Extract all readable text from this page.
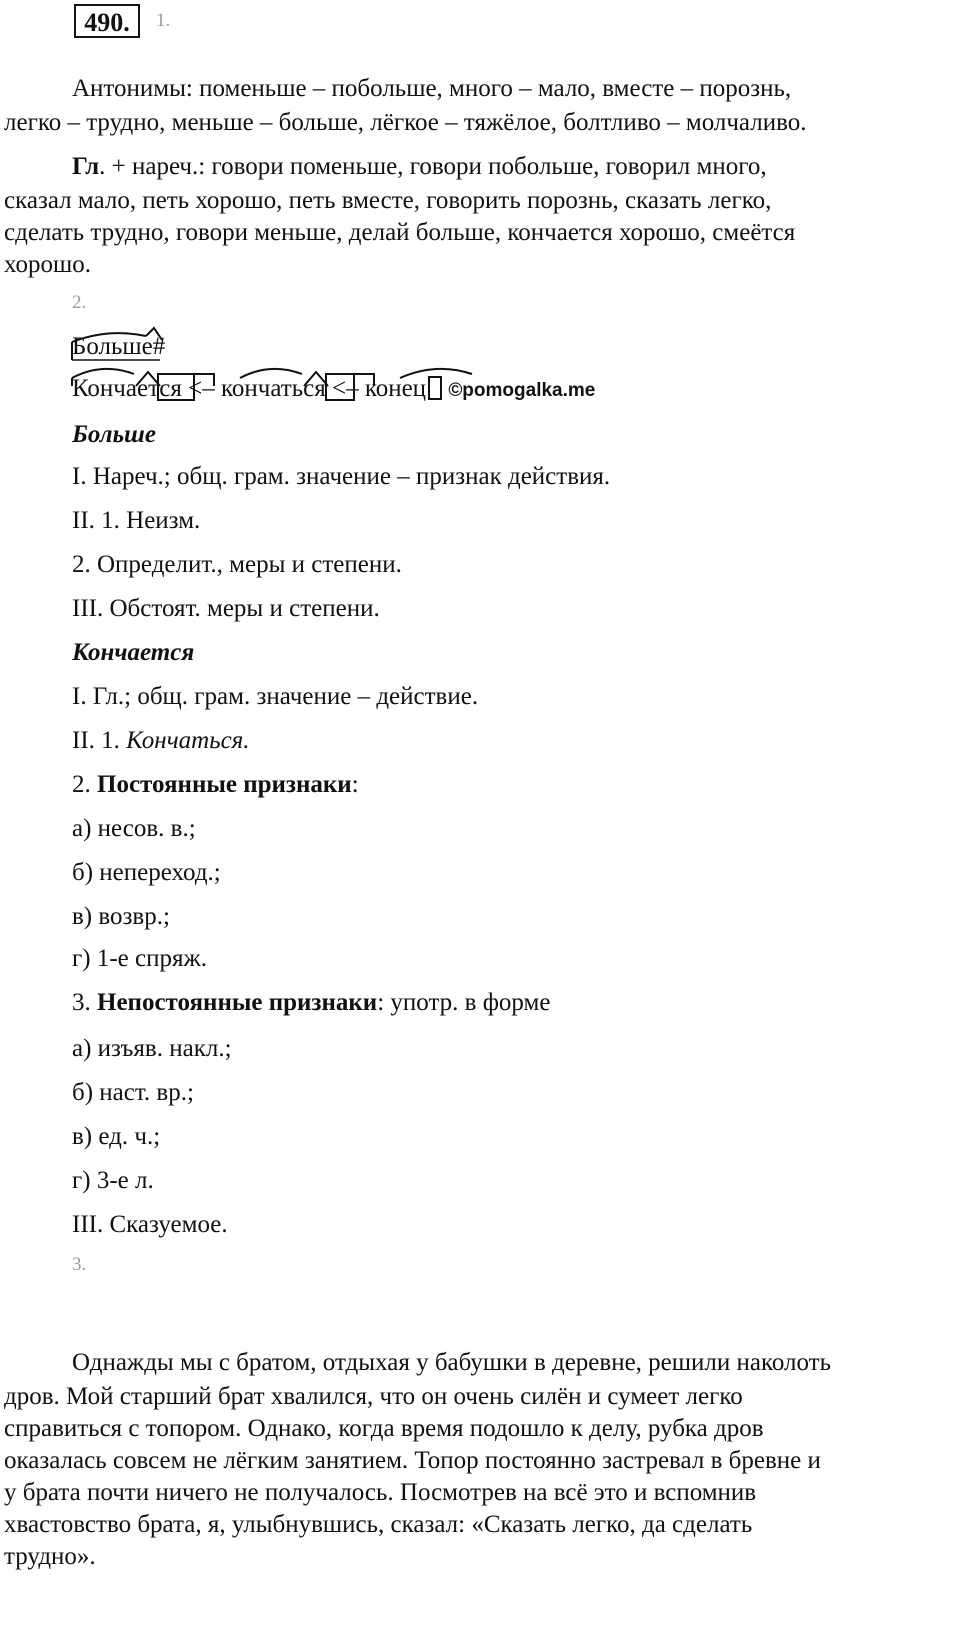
490.	1.
Антонимы: поменьше – побольше, много – мало, вместе – порознь,
легко – трудно, меньше – больше, лёгкое – тяжёлое, болтливо – молчаливо.
Гл. + нареч.: говори поменьше, говори побольше, говорил много,
сказал мало, петь хорошо, петь вместе, говорить порознь, сказать легко,
сделать трудно, говори меньше, делай больше, кончается хорошо, смеётся
хорошо.
2.
Больше#
Кончается <– кончаться <– конец ©pomogalka.me
Больше
I. Нареч.; общ. грам. значение – признак действия.
II. 1. Неизм.
2. Определит., меры и степени.
III. Обстоят. меры и степени.
Кончается
I. Гл.; общ. грам. значение – действие.
II. 1. Кончаться.
2. Постоянные признаки:
а) несов. в.;
б) непереход.;
в) возвр.;
г) 1-е спряж.
3. Непостоянные признаки: употр. в форме
а) изъяв. накл.;
б) наст. вр.;
в) ед. ч.;
г) 3-е л.
III. Сказуемое.
3.
Однажды мы с братом, отдыхая у бабушки в деревне, решили наколоть
дров. Мой старший брат хвалился, что он очень силён и сумеет легко
справиться с топором. Однако, когда время подошло к делу, рубка дров
оказалась совсем не лёгким занятием. Топор постоянно застревал в бревне и
у брата почти ничего не получалось. Посмотрев на всё это и вспомнив
хвастовство брата, я, улыбнувшись, сказал: «Сказать легко, да сделать
трудно».
